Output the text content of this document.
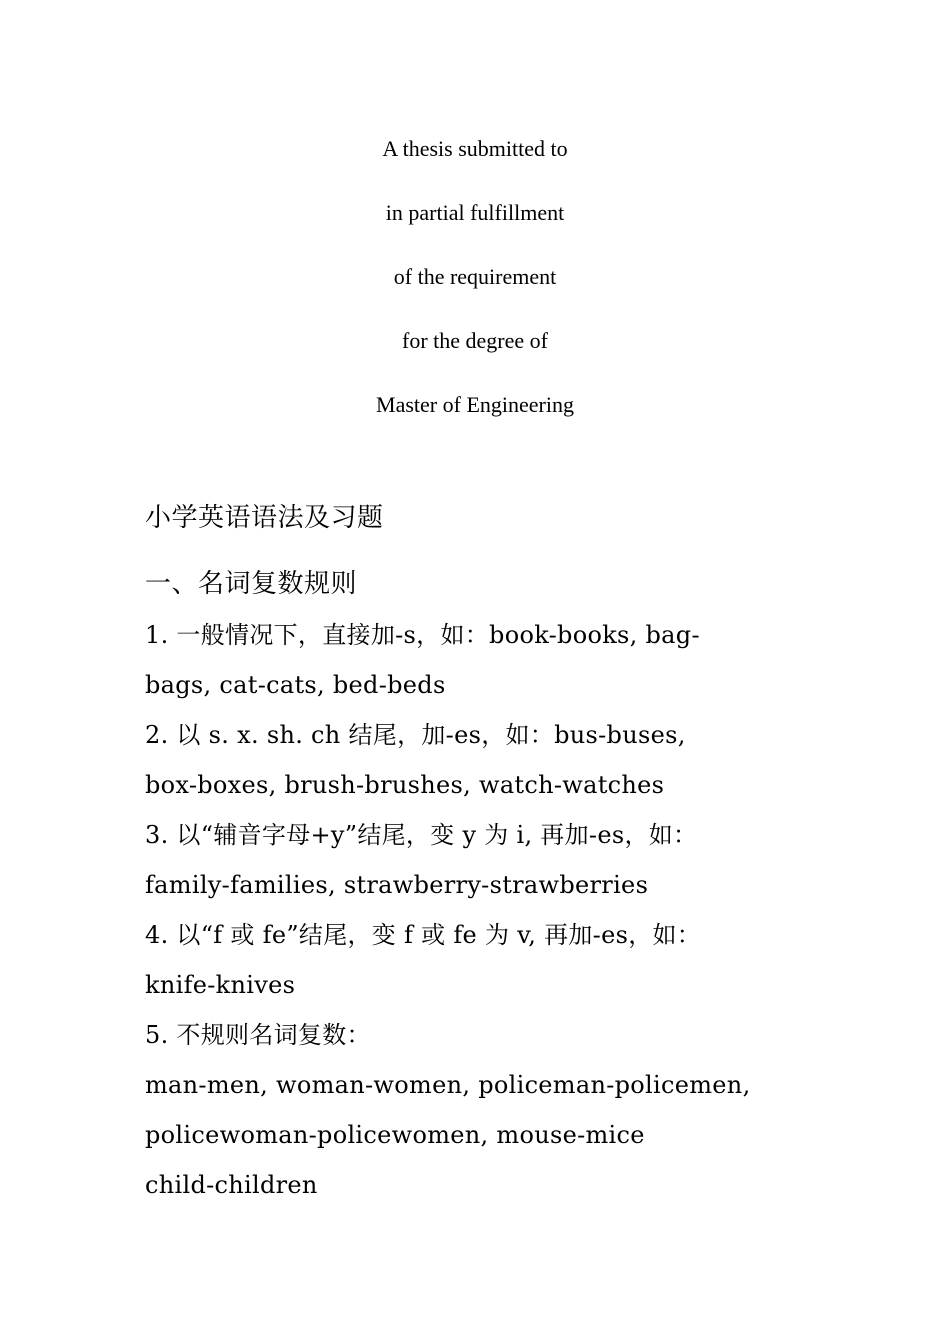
A thesis submitted to
in partial fulfillment
of the requirement
for the degree of
Master of Engineering
小学英语语法及习题
一、名词复数规则
1. 一般情况下，直接加-s，如：book-books, bag-
bags, cat-cats, bed-beds
2. 以 s. x. sh. ch 结尾，加-es，如：bus-buses,
box-boxes, brush-brushes, watch-watches
3. 以“辅音字母+y”结尾，变 y 为 i, 再加-es，如：
family-families, strawberry-strawberries
4. 以“f 或 fe”结尾，变 f 或 fe 为 v, 再加-es，如：
knife-knives
5. 不规则名词复数：
man-men, woman-women, policeman-policemen,
policewoman-policewomen, mouse-mice
child-children
